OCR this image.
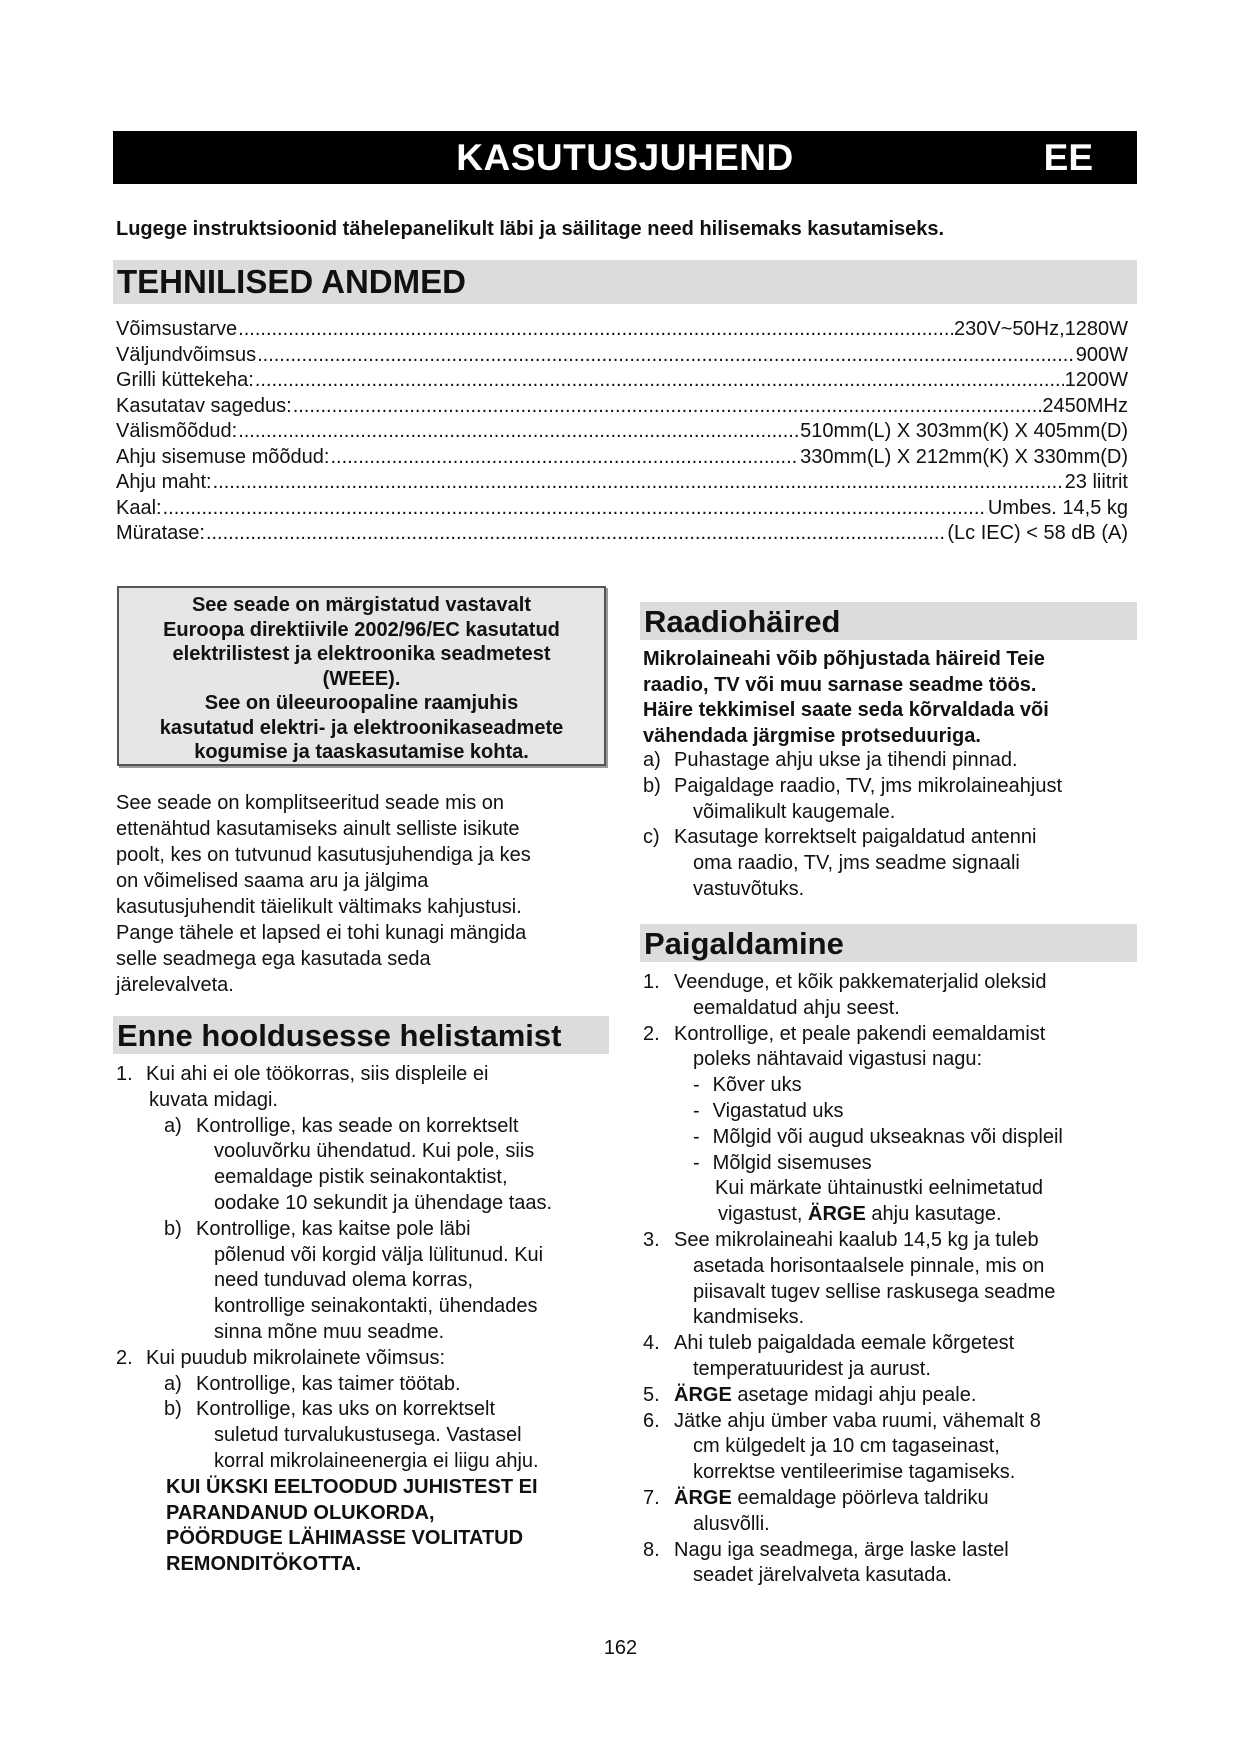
KASUTUSJUHEND	EE
Lugege instruktsioonid tähelepanelikult läbi ja säilitage need hilisemaks kasutamiseks.
TEHNILISED ANDMED
Võimsustarve .....	230V~50Hz,1280W
Väljundvõimsus .....	900W
Grilli küttekeha: .....	1200W
Kasutatav sagedus: .....	2450MHz
Välismõõdud: .....	510mm(L) X 303mm(K) X 405mm(D)
Ahju sisemuse mõõdud: .....	330mm(L) X 212mm(K) X 330mm(D)
Ahju maht: .....	23 liitrit
Kaal: .....	Umbes. 14,5 kg
Müratase: .....	(Lc IEC) < 58 dB (A)
See seade on märgistatud vastavalt
Euroopa direktiivile 2002/96/EC kasutatud
elektrilistest ja elektroonika seadmetest
(WEEE).
See on üleeuroopaline raamjuhis
kasutatud elektri- ja elektroonikaseadmete
kogumise ja taaskasutamise kohta.
See seade on komplitseeritud seade mis on
ettenähtud kasutamiseks ainult selliste isikute
poolt, kes on tutvunud kasutusjuhendiga ja kes
on võimelised saama aru ja jälgima
kasutusjuhendit täielikult vältimaks kahjustusi.
Pange tähele et lapsed ei tohi kunagi mängida
selle seadmega ega kasutada seda
järelevalveta.
Enne hooldusesse helistamist
1. Kui ahi ei ole töökorras, siis displeile ei
kuvata midagi.
a) Kontrollige, kas seade on korrektselt
vooluvõrku ühendatud. Kui pole, siis
eemaldage pistik seinakontaktist,
oodake 10 sekundit ja ühendage taas.
b) Kontrollige, kas kaitse pole läbi
põlenud või korgid välja lülitunud. Kui
need tunduvad olema korras,
kontrollige seinakontakti, ühendades
sinna mõne muu seadme.
2. Kui puudub mikrolainete võimsus:
a) Kontrollige, kas taimer töötab.
b) Kontrollige, kas uks on korrektselt
suletud turvalukustusega. Vastasel
korral mikrolaineenergia ei liigu ahju.
KUI ÜKSKI EELTOODUD JUHISTEST EI
PARANDANUD OLUKORDA,
PÖÖRDUGE LÄHIMASSE VOLITATUD
REMONDITÖKOTTA.
Raadiohäired
Mikrolaineahi võib põhjustada häireid Teie
raadio, TV või muu sarnase seadme töös.
Häire tekkimisel saate seda kõrvaldada või
vähendada järgmise protseduuriga.
a) Puhastage ahju ukse ja tihendi pinnad.
b) Paigaldage raadio, TV, jms mikrolaineahjust
võimalikult kaugemale.
c) Kasutage korrektselt paigaldatud antenni
oma raadio, TV, jms seadme signaali
vastuvõtuks.
Paigaldamine
1. Veenduge, et kõik pakkematerjalid oleksid
eemaldatud ahju seest.
2. Kontrollige, et peale pakendi eemaldamist
poleks nähtavaid vigastusi nagu:
- Kõver uks
- Vigastatud uks
- Mõlgid või augud ukseaknas või displeil
- Mõlgid sisemuses
Kui märkate ühtainustki eelnimetatud
vigastust, ÄRGE ahju kasutage.
3. See mikrolaineahi kaalub 14,5 kg ja tuleb
asetada horisontaalsele pinnale, mis on
piisavalt tugev sellise raskusega seadme
kandmiseks.
4. Ahi tuleb paigaldada eemale kõrgetest
temperatuuridest ja aurust.
5. ÄRGE asetage midagi ahju peale.
6. Jätke ahju ümber vaba ruumi, vähemalt 8
cm külgedelt ja 10 cm tagaseinast,
korrektse ventileerimise tagamiseks.
7. ÄRGE eemaldage pöörleva taldriku
alusvõlli.
8. Nagu iga seadmega, ärge laske lastel
seadet järelvalveta kasutada.
162
